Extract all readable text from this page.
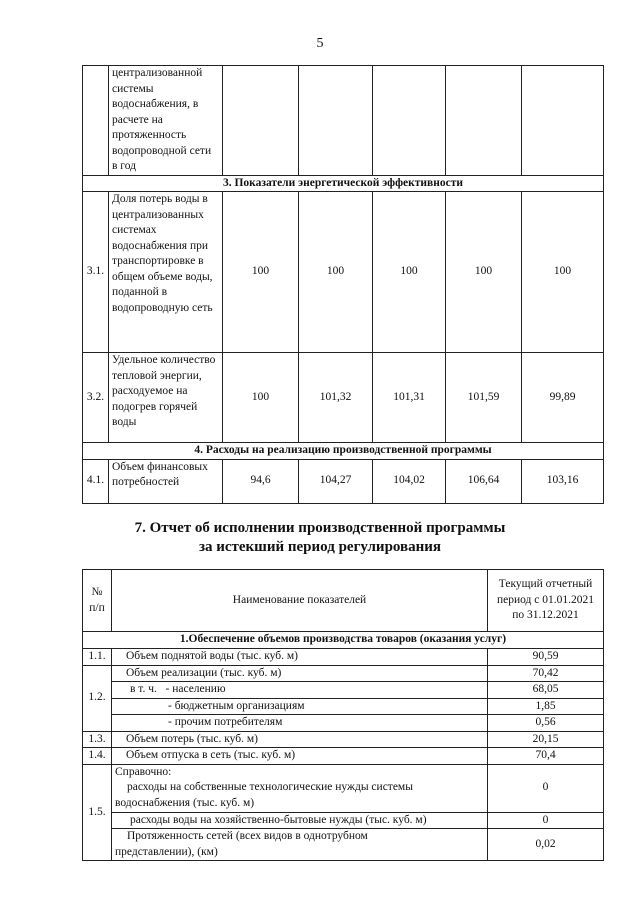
5
	централизованной системы водоснабжения, в расчете на протяженность водопроводной сети в год					
3. Показатели энергетической эффективности						
3.1.	Доля потерь воды в централизованных системах водоснабжения при транспортировке в общем объеме воды, поданной в водопроводную сеть	100	100	100	100	100
3.2.	Удельное количество тепловой энергии, расходуемое на подогрев горячей воды	100	101,32	101,31	101,59	99,89
4. Расходы на реализацию производственной программы						
4.1.	Объем финансовых потребностей	94,6	104,27	104,02	106,64	103,16
7. Отчет об исполнении производственной программы
за истекший период регулирования
№ п/п	Наименование показателей	Текущий отчетный период с 01.01.2021 по 31.12.2021
1.Обеспечение объемов производства товаров (оказания услуг)		
1.1.	Объем поднятой воды (тыс. куб. м)	90,59
1.2.	Объем реализации (тыс. куб. м)	70,42
	в т. ч. - населению	68,05
	- бюджетным организациям	1,85
	- прочим потребителям	0,56
1.3.	Объем потерь (тыс. куб. м)	20,15
1.4.	Объем отпуска в сеть (тыс. куб. м)	70,4
1.5.	Справочно:
расходы на собственные технологические нужды системы
водоснабжения (тыс. куб. м)	0
	расходы воды на хозяйственно-бытовые нужды (тыс. куб. м)	0

	Протяженность сетей (всех видов в однотрубном
представлении), (км)	0,02
